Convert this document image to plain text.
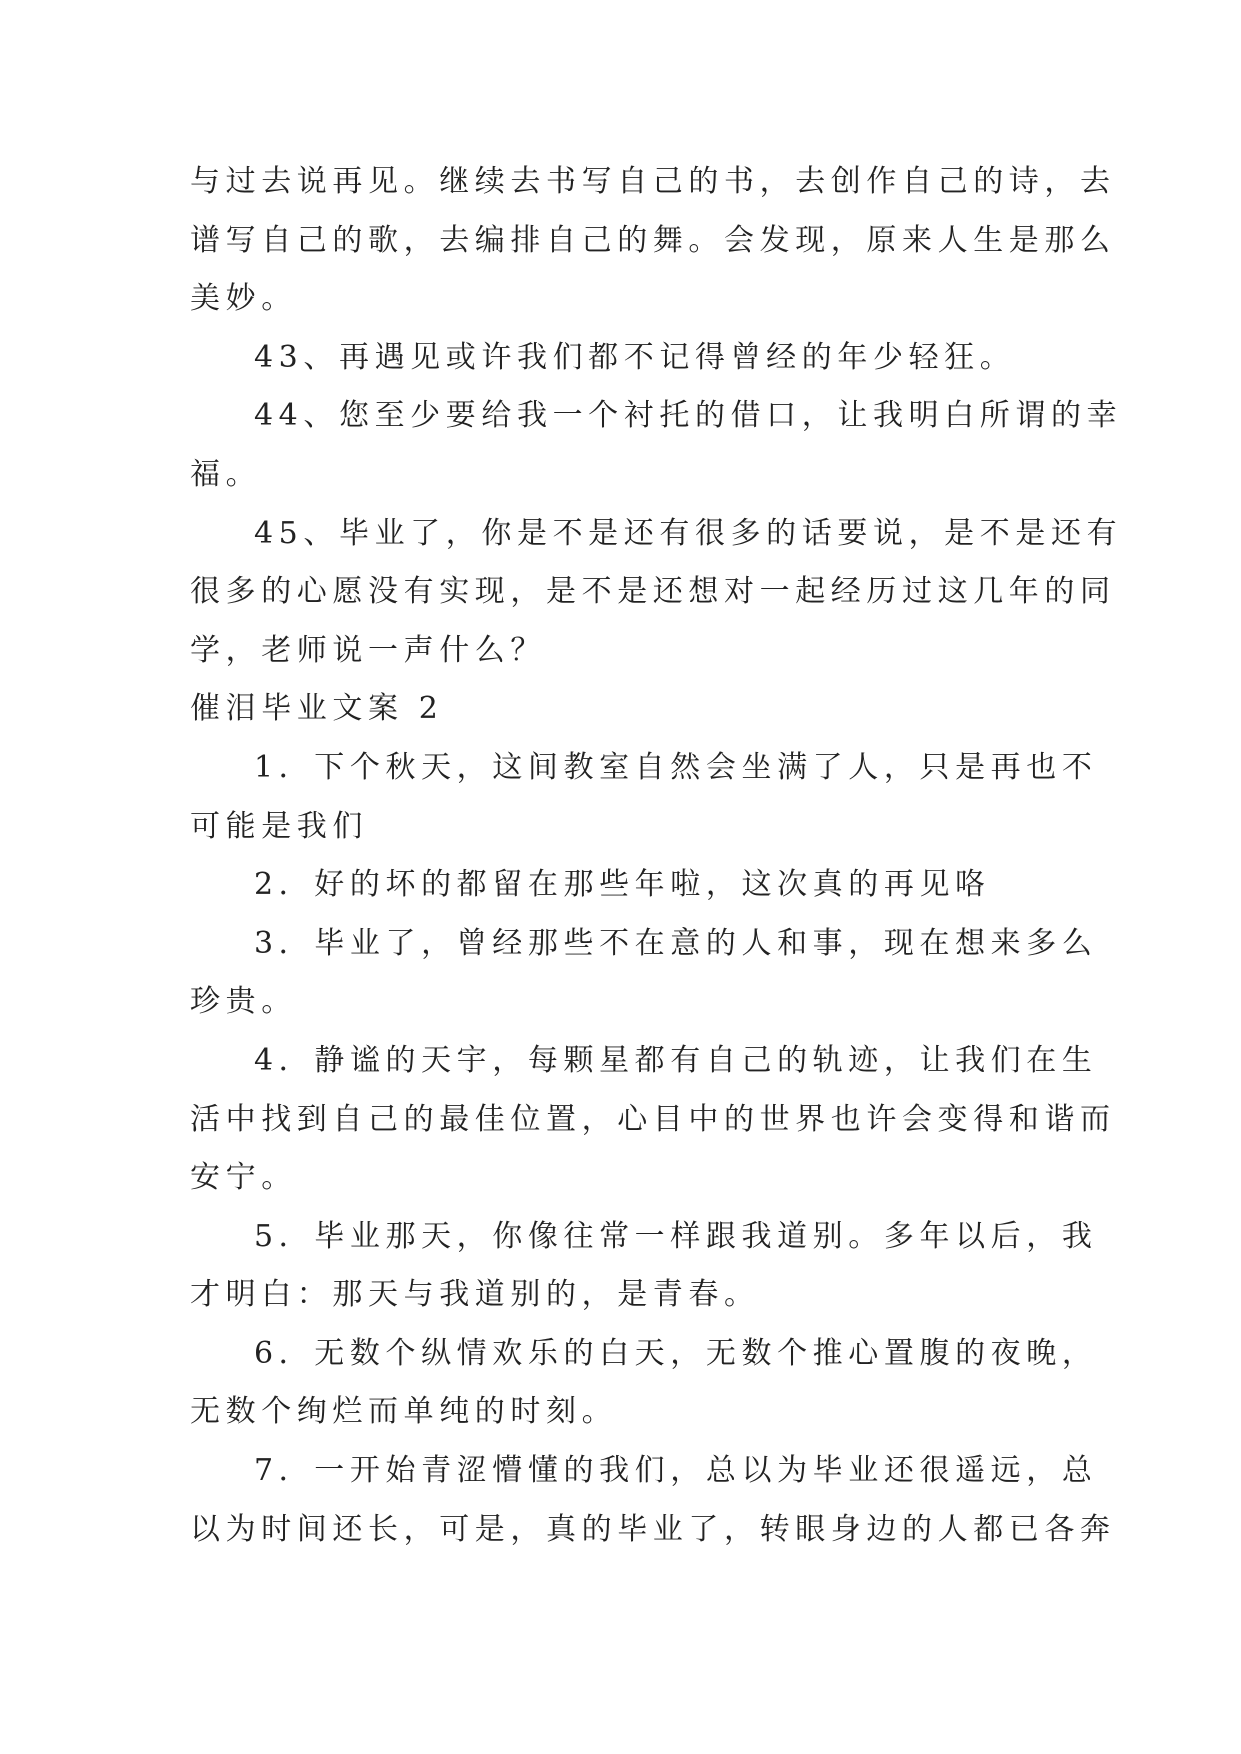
与过去说再见。继续去书写自己的书，去创作自己的诗，去
谱写自己的歌，去编排自己的舞。会发现，原来人生是那么
美妙。
43、再遇见或许我们都不记得曾经的年少轻狂。
44、您至少要给我一个衬托的借口，让我明白所谓的幸
福。
45、毕业了，你是不是还有很多的话要说，是不是还有
很多的心愿没有实现，是不是还想对一起经历过这几年的同
学，老师说一声什么？
催泪毕业文案 2
1．下个秋天，这间教室自然会坐满了人，只是再也不
可能是我们
2．好的坏的都留在那些年啦，这次真的再见咯
3．毕业了，曾经那些不在意的人和事，现在想来多么
珍贵。
4．静谧的天宇，每颗星都有自己的轨迹，让我们在生
活中找到自己的最佳位置，心目中的世界也许会变得和谐而
安宁。
5．毕业那天，你像往常一样跟我道别。多年以后，我
才明白：那天与我道别的，是青春。
6．无数个纵情欢乐的白天，无数个推心置腹的夜晚，
无数个绚烂而单纯的时刻。
7．一开始青涩懵懂的我们，总以为毕业还很遥远，总
以为时间还长，可是，真的毕业了，转眼身边的人都已各奔
